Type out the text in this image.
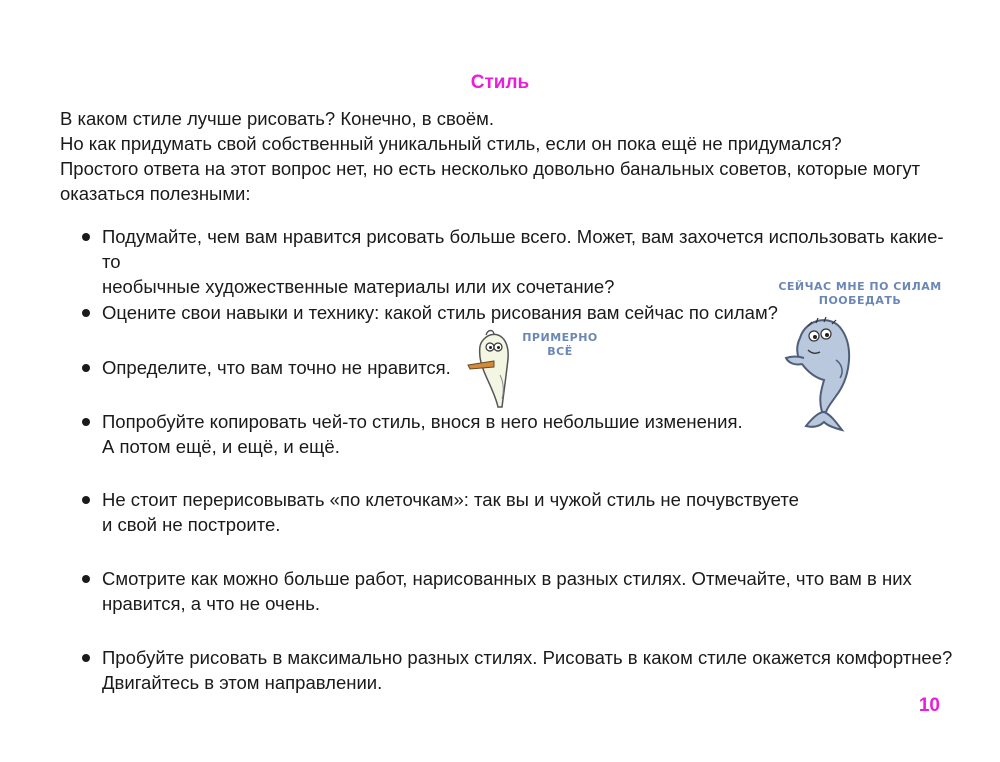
Стиль

В каком стиле лучше рисовать? Конечно, в своём.

Но как придумать свой собственный уникальный стиль, если он пока ещё не придумался?

Простого ответа на этот вопрос нет, но есть несколько довольно банальных советов, которые могут

оказаться полезными:

Подумайте, чем вам нравится рисовать больше всего. Может, вам захочется использовать какие-то
необычные художественные материалы или их сочетание?
Оцените свои навыки и технику: какой стиль рисования вам сейчас по силам?
Определите, что вам точно не нравится.
Попробуйте копировать чей-то стиль, внося в него небольшие изменения.
А потом ещё, и ещё, и ещё.
Не стоит перерисовывать «по клеточкам»: так вы и чужой стиль не почувствуете
и свой не построите.
Смотрите как можно больше работ, нарисованных в разных стилях. Отмечайте, что вам в них
нравится, а что не очень.
Пробуйте рисовать в максимально разных стилях. Рисовать в каком стиле окажется комфортнее?
Двигайтесь в этом направлении.
ПРИМЕРНО
ВСЁ
СЕЙЧАС МНЕ ПО СИЛАМ
ПООБЕДАТЬ
10
